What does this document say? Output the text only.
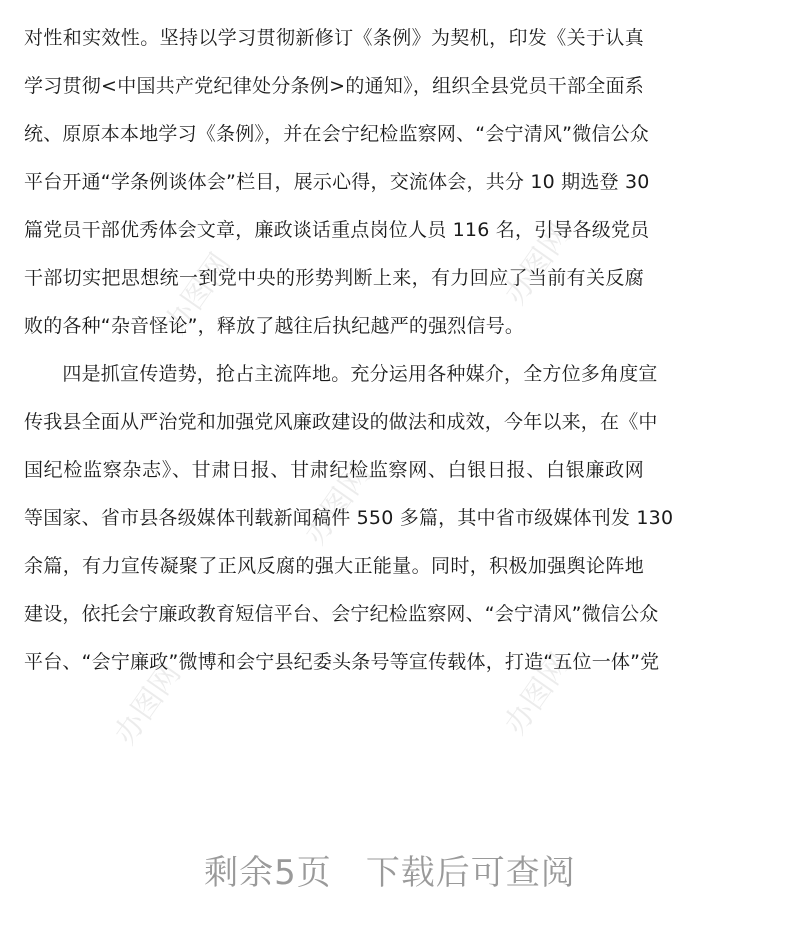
办图网	办图网
办图网
办图网	办图网
对性和实效性。坚持以学习贯彻新修订《条例》为契机，印发《关于认真
学习贯彻<中国共产党纪律处分条例>的通知》，组织全县党员干部全面系
统、原原本本地学习《条例》，并在会宁纪检监察网、“会宁清风”微信公众
平台开通“学条例谈体会”栏目，展示心得，交流体会，共分 10 期选登 30
篇党员干部优秀体会文章，廉政谈话重点岗位人员 116 名，引导各级党员
干部切实把思想统一到党中央的形势判断上来，有力回应了当前有关反腐
败的各种“杂音怪论”，释放了越往后执纪越严的强烈信号。
　　四是抓宣传造势，抢占主流阵地。充分运用各种媒介，全方位多角度宣
传我县全面从严治党和加强党风廉政建设的做法和成效，今年以来，在《中
国纪检监察杂志》、甘肃日报、甘肃纪检监察网、白银日报、白银廉政网
等国家、省市县各级媒体刊载新闻稿件 550 多篇，其中省市级媒体刊发 130
余篇，有力宣传凝聚了正风反腐的强大正能量。同时，积极加强舆论阵地
建设，依托会宁廉政教育短信平台、会宁纪检监察网、“会宁清风”微信公众
平台、“会宁廉政”微博和会宁县纪委头条号等宣传载体，打造“五位一体”党
剩余5页 下载后可查阅
